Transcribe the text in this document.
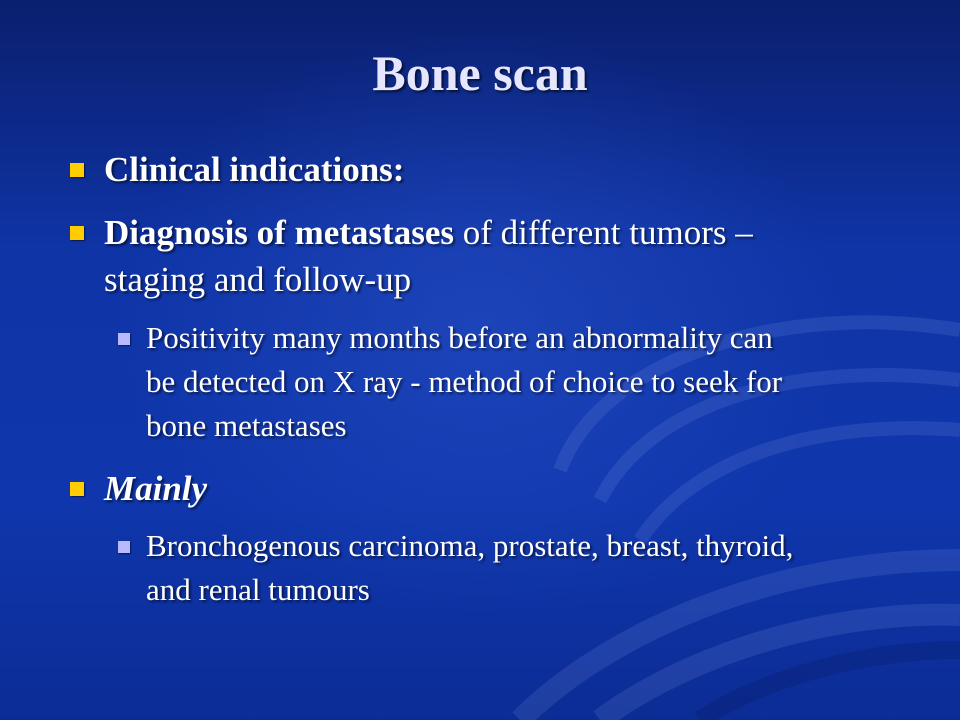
Bone scan
Clinical indications:
Diagnosis of metastases of different tumors –
staging and follow-up
Positivity many months before an abnormality can
be detected on X ray - method of choice to seek for
bone metastases
Mainly
Bronchogenous carcinoma, prostate, breast, thyroid,
and renal tumours
